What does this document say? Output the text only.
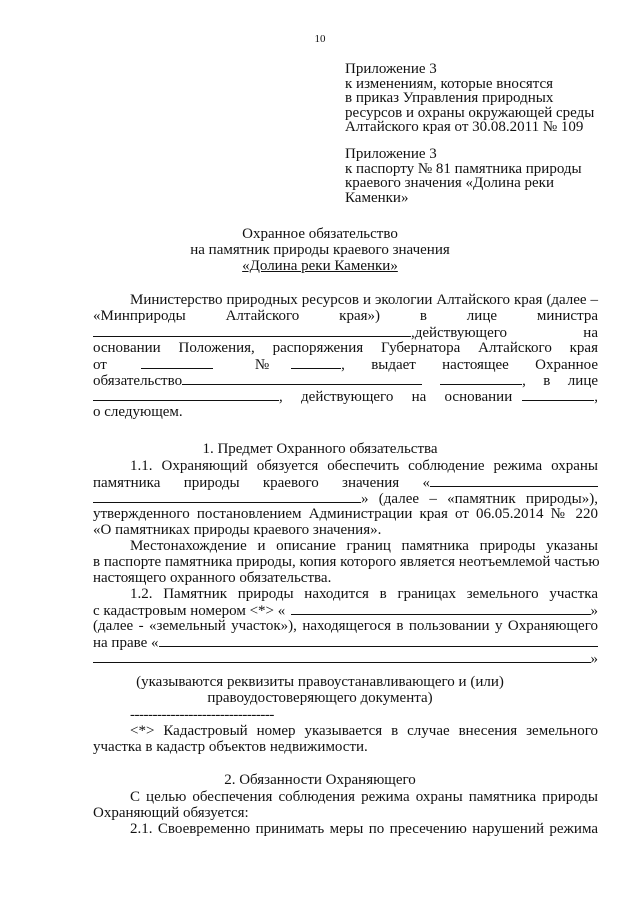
10
Приложение 3
к изменениям, которые вносятся
в приказ Управления природных
ресурсов и охраны окружающей среды
Алтайского края от 30.08.2011 № 109
Приложение 3
к паспорту № 81 памятника природы
краевого значения «Долина реки
Каменки»
Охранное обязательство
на памятник природы краевого значения
«Долина реки Каменки»
Министерство природных ресурсов и экологии Алтайского края (далее –
«Минприроды Алтайского края») в лице министра
, действующего на
основании Положения, распоряжения Губернатора Алтайского края
от	№	, выдает настоящее Охранное
обязательство	, в лице
, действующего на основании	,
о следующем.
1. Предмет Охранного обязательства
1.1. Охраняющий обязуется обеспечить соблюдение режима охраны
памятника природы краевого значения «
» (далее – «памятник природы»),
утвержденного постановлением Администрации края от 06.05.2014 № 220
«О памятниках природы краевого значения».
Местонахождение и описание границ памятника природы указаны
в паспорте памятника природы, копия которого является неотъемлемой частью
настоящего охранного обязательства.
1.2. Памятник природы находится в границах земельного участка
с кадастровым номером <*> «	»
(далее - «земельный участок»), находящегося в пользовании у Охраняющего
на праве «
»
(указываются реквизиты правоустанавливающего и (или)
правоудостоверяющего документа)
--------------------------------
<*> Кадастровый номер указывается в случае внесения земельного
участка в кадастр объектов недвижимости.
2. Обязанности Охраняющего
С целью обеспечения соблюдения режима охраны памятника природы
Охраняющий обязуется:
2.1. Своевременно принимать меры по пресечению нарушений режима
